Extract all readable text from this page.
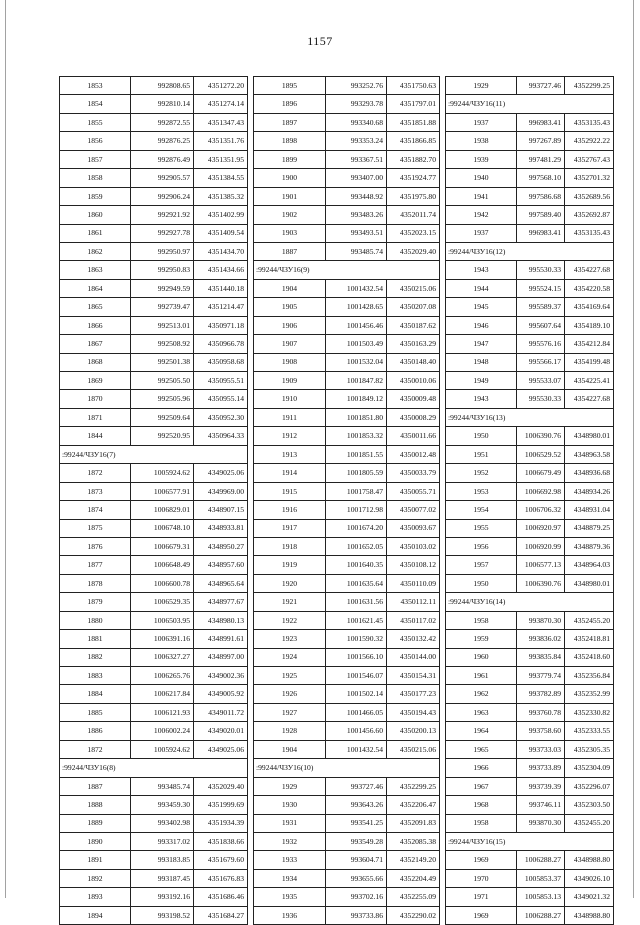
1157
1853	992808.65	4351272.20		1895	993252.76	4351750.63		1929	993727.46	4352299.25
1854	992810.14	4351274.14		1896	993293.78	4351797.01		:99244/ЧЗУ16(11)		
1855	992872.55	4351347.43		1897	993340.68	4351851.88		1937	996983.41	4353135.43
1856	992876.25	4351351.76		1898	993353.24	4351866.85		1938	997267.89	4352922.22
1857	992876.49	4351351.95		1899	993367.51	4351882.70		1939	997481.29	4352767.43
1858	992905.57	4351384.55		1900	993407.00	4351924.77		1940	997568.10	4352701.32
1859	992906.24	4351385.32		1901	993448.92	4351975.80		1941	997586.68	4352689.56
1860	992921.92	4351402.99		1902	993483.26	4352011.74		1942	997589.40	4352692.87
1861	992927.78	4351409.54		1903	993493.51	4352023.15		1937	996983.41	4353135.43
1862	992950.97	4351434.70		1887	993485.74	4352029.40		:99244/ЧЗУ16(12)		
1863	992950.83	4351434.66		:99244/ЧЗУ16(9)				1943	995530.33	4354227.68
1864	992949.59	4351440.18		1904	1001432.54	4350215.06		1944	995524.15	4354220.58
1865	992739.47	4351214.47		1905	1001428.65	4350207.08		1945	995589.37	4354169.64
1866	992513.01	4350971.18		1906	1001456.46	4350187.62		1946	995607.64	4354189.10
1867	992508.92	4350966.78		1907	1001503.49	4350163.29		1947	995576.16	4354212.84
1868	992501.38	4350958.68		1908	1001532.04	4350148.40		1948	995566.17	4354199.48
1869	992505.50	4350955.51		1909	1001847.82	4350010.06		1949	995533.07	4354225.41
1870	992505.96	4350955.14		1910	1001849.12	4350009.48		1943	995530.33	4354227.68
1871	992509.64	4350952.30		1911	1001851.80	4350008.29		:99244/ЧЗУ16(13)		
1844	992520.95	4350964.33		1912	1001853.32	4350011.66		1950	1006390.76	4348980.01
:99244/ЧЗУ16(7)				1913	1001851.55	4350012.48		1951	1006529.52	4348963.58
1872	1005924.62	4349025.06		1914	1001805.59	4350033.79		1952	1006679.49	4348936.68
1873	1006577.91	4349969.00		1915	1001758.47	4350055.71		1953	1006692.98	4348934.26
1874	1006829.01	4348907.15		1916	1001712.98	4350077.02		1954	1006706.32	4348931.04
1875	1006748.10	4348933.81		1917	1001674.20	4350093.67		1955	1006920.97	4348879.25
1876	1006679.31	4348950.27		1918	1001652.05	4350103.02		1956	1006920.99	4348879.36
1877	1006648.49	4348957.60		1919	1001640.35	4350108.12		1957	1006577.13	4348964.03
1878	1006600.78	4348965.64		1920	1001635.64	4350110.09		1950	1006390.76	4348980.01
1879	1006529.35	4348977.67		1921	1001631.56	4350112.11		:99244/ЧЗУ16(14)		
1880	1006503.95	4348980.13		1922	1001621.45	4350117.02		1958	993870.30	4352455.20
1881	1006391.16	4348991.61		1923	1001590.32	4350132.42		1959	993836.02	4352418.81
1882	1006327.27	4348997.00		1924	1001566.10	4350144.00		1960	993835.84	4352418.60
1883	1006265.76	4349002.36		1925	1001546.07	4350154.31		1961	993779.74	4352356.84
1884	1006217.84	4349005.92		1926	1001502.14	4350177.23		1962	993782.89	4352352.99
1885	1006121.93	4349011.72		1927	1001466.05	4350194.43		1963	993760.78	4352330.82
1886	1006002.24	4349020.01		1928	1001456.60	4350200.13		1964	993758.60	4352333.55
1872	1005924.62	4349025.06		1904	1001432.54	4350215.06		1965	993733.03	4352305.35
:99244/ЧЗУ16(8)				:99244/ЧЗУ16(10)				1966	993733.89	4352304.09
1887	993485.74	4352029.40		1929	993727.46	4352299.25		1967	993739.39	4352296.07
1888	993459.30	4351999.69		1930	993643.26	4352206.47		1968	993746.11	4352303.50
1889	993402.98	4351934.39		1931	993541.25	4352091.83		1958	993870.30	4352455.20
1890	993317.02	4351838.66		1932	993549.28	4352085.38		:99244/ЧЗУ16(15)		
1891	993183.85	4351679.60		1933	993604.71	4352149.20		1969	1006288.27	4348988.80
1892	993187.45	4351676.83		1934	993655.66	4352204.49		1970	1005853.37	4349026.10
1893	993192.16	4351686.46		1935	993702.16	4352255.09		1971	1005853.13	4349021.32
1894	993198.52	4351684.27		1936	993733.86	4352290.02		1969	1006288.27	4348988.80
